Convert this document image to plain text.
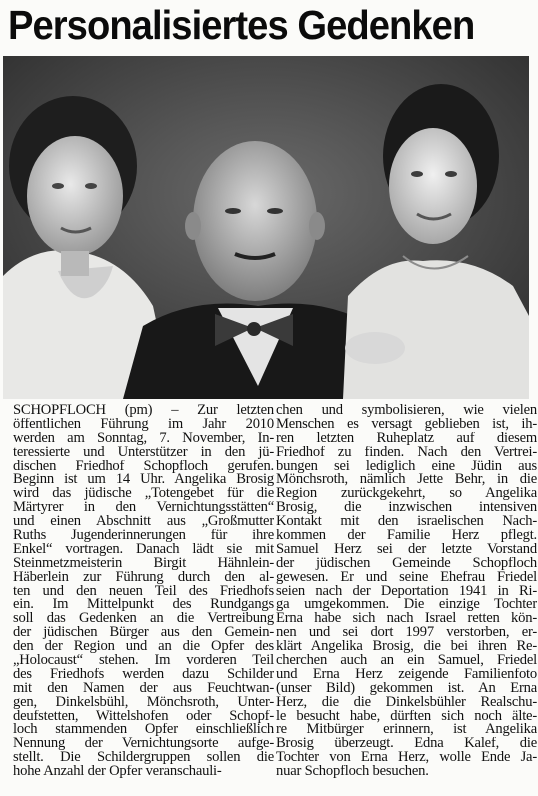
Personalisiertes Gedenken
SCHOPFLOCH (pm) – Zur letzten
öffentlichen Führung im Jahr 2010
werden am Sonntag, 7. November, In-
teressierte und Unterstützer in den jü-
dischen Friedhof Schopfloch gerufen.
Beginn ist um 14 Uhr. Angelika Brosig
wird das jüdische „Totengebet für die
Märtyrer in den Vernichtungsstätten“
und einen Abschnitt aus „Großmutter
Ruths Jugenderinnerungen für ihre
Enkel“ vortragen. Danach lädt sie mit
Steinmetzmeisterin Birgit Hähnlein-
Häberlein zur Führung durch den al-
ten und den neuen Teil des Friedhofs
ein. Im Mittelpunkt des Rundgangs
soll das Gedenken an die Vertreibung
der jüdischen Bürger aus den Gemein-
den der Region und an die Opfer des
„Holocaust“ stehen. Im vorderen Teil
des Friedhofs werden dazu Schilder
mit den Namen der aus Feuchtwan-
gen, Dinkelsbühl, Mönchsroth, Unter-
deufstetten, Wittelshofen oder Schopf-
loch stammenden Opfer einschließlich
Nennung der Vernichtungsorte aufge-
stellt. Die Schildergruppen sollen die
hohe Anzahl der Opfer veranschauli-
chen und symbolisieren, wie vielen
Menschen es versagt geblieben ist, ih-
ren letzten Ruheplatz auf diesem
Friedhof zu finden. Nach den Vertrei-
bungen sei lediglich eine Jüdin aus
Mönchsroth, nämlich Jette Behr, in die
Region zurückgekehrt, so Angelika
Brosig, die inzwischen intensiven
Kontakt mit den israelischen Nach-
kommen der Familie Herz pflegt.
Samuel Herz sei der letzte Vorstand
der jüdischen Gemeinde Schopfloch
gewesen. Er und seine Ehefrau Friedel
seien nach der Deportation 1941 in Ri-
ga umgekommen. Die einzige Tochter
Erna habe sich nach Israel retten kön-
nen und sei dort 1997 verstorben, er-
klärt Angelika Brosig, die bei ihren Re-
cherchen auch an ein Samuel, Friedel
und Erna Herz zeigende Familienfoto
(unser Bild) gekommen ist. An Erna
Herz, die die Dinkelsbühler Realschu-
le besucht habe, dürften sich noch älte-
re Mitbürger erinnern, ist Angelika
Brosig überzeugt. Edna Kalef, die
Tochter von Erna Herz, wolle Ende Ja-
nuar Schopfloch besuchen.
